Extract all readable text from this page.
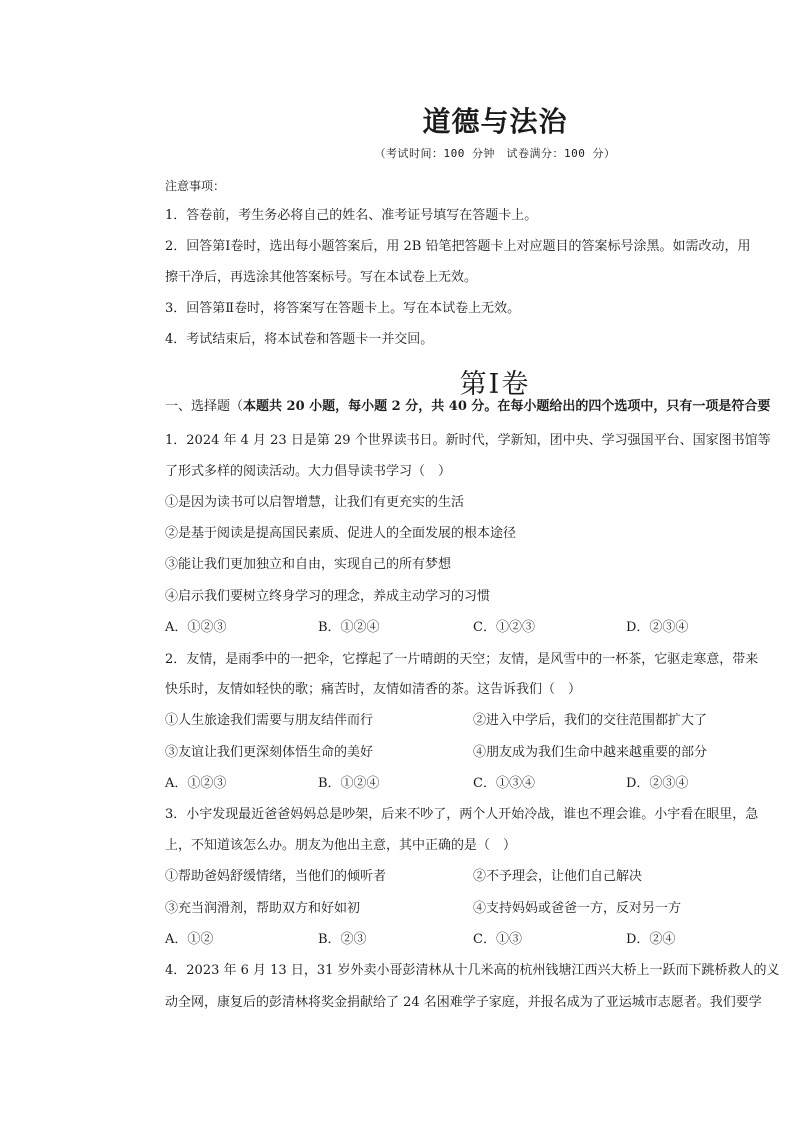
道德与法治
（考试时间：100 分钟　试卷满分：100 分）
注意事项：
1．答卷前，考生务必将自己的姓名、准考证号填写在答题卡上。
2．回答第Ⅰ卷时，选出每小题答案后，用 2B 铅笔把答题卡上对应题目的答案标号涂黑。如需改动，用
擦干净后，再选涂其他答案标号。写在本试卷上无效。
3．回答第Ⅱ卷时，将答案写在答题卡上。写在本试卷上无效。
4．考试结束后，将本试卷和答题卡一并交回。
第Ⅰ卷
一、选择题（本题共 20 小题，每小题 2 分，共 40 分。在每小题给出的四个选项中，只有一项是符合要
1．2024 年 4 月 23 日是第 29 个世界读书日。新时代，学新知，团中央、学习强国平台、国家图书馆等
了形式多样的阅读活动。大力倡导读书学习（　）
①是因为读书可以启智增慧，让我们有更充实的生活
②是基于阅读是提高国民素质、促进人的全面发展的根本途径
③能让我们更加独立和自由，实现自己的所有梦想
④启示我们要树立终身学习的理念，养成主动学习的习惯
A．①②③	B．①②④	C．①②③	D．②③④
2．友情，是雨季中的一把伞，它撑起了一片晴朗的天空；友情，是风雪中的一杯茶，它驱走寒意，带来
快乐时，友情如轻快的歌；痛苦时，友情如清香的茶。这告诉我们（　）
①人生旅途我们需要与朋友结伴而行	②进入中学后，我们的交往范围都扩大了
③友谊让我们更深刻体悟生命的美好	④朋友成为我们生命中越来越重要的部分
A．①②③	B．①②④	C．①③④	D．②③④
3．小宇发现最近爸爸妈妈总是吵架，后来不吵了，两个人开始冷战，谁也不理会谁。小宇看在眼里，急
上，不知道该怎么办。朋友为他出主意，其中正确的是（　）
①帮助爸妈舒缓情绪，当他们的倾听者	②不予理会，让他们自己解决
③充当润滑剂，帮助双方和好如初	④支持妈妈或爸爸一方，反对另一方
A．①②	B．②③	C．①③	D．②④
4．2023 年 6 月 13 日，31 岁外卖小哥彭清林从十几米高的杭州钱塘江西兴大桥上一跃而下跳桥救人的义
动全网，康复后的彭清林将奖金捐献给了 24 名困难学子家庭，并报名成为了亚运城市志愿者。我们要学
